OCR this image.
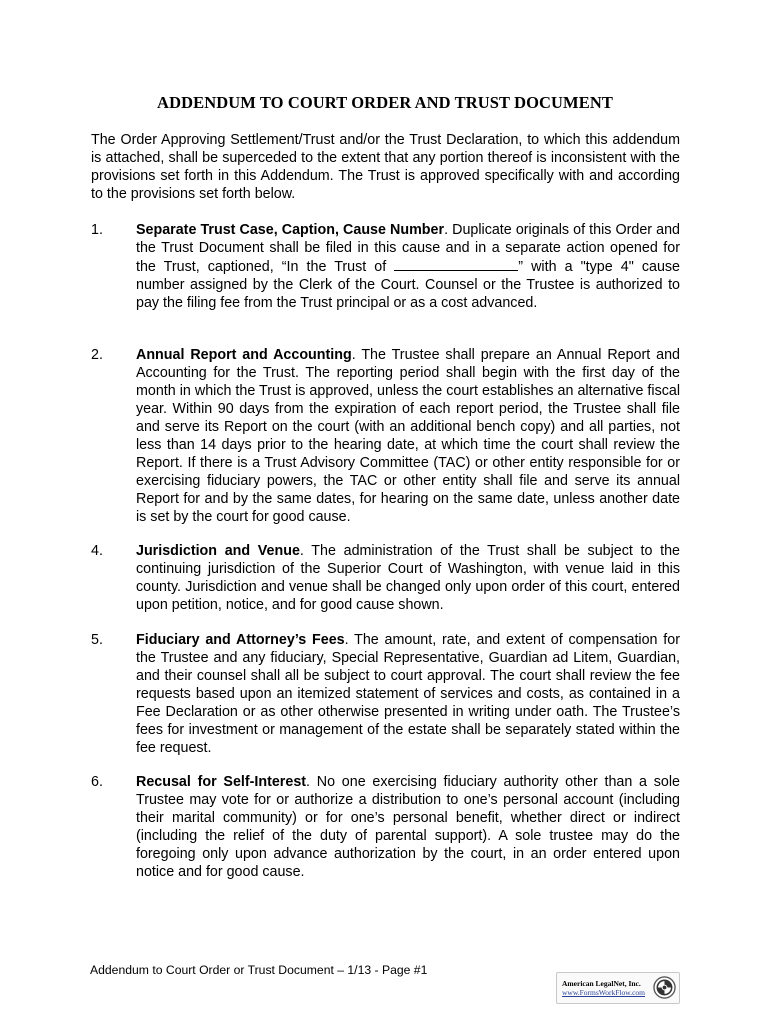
ADDENDUM TO COURT ORDER AND TRUST DOCUMENT

The Order Approving Settlement/Trust and/or the Trust Declaration, to which this addendum is attached, shall be superceded to the extent that any portion thereof is inconsistent with the provisions set forth in this Addendum. The Trust is approved specifically with and according to the provisions set forth below.

1. Separate Trust Case, Caption, Cause Number. Duplicate originals of this Order and the Trust Document shall be filed in this cause and in a separate action opened for the Trust, captioned, “In the Trust of	” with a "type 4" cause number assigned by the Clerk of the Court. Counsel or the Trustee is authorized to pay the filing fee from the Trust principal or as a cost advanced.
2. Annual Report and Accounting. The Trustee shall prepare an Annual Report and Accounting for the Trust. The reporting period shall begin with the first day of the month in which the Trust is approved, unless the court establishes an alternative fiscal year. Within 90 days from the expiration of each report period, the Trustee shall file and serve its Report on the court (with an additional bench copy) and all parties, not less than 14 days prior to the hearing date, at which time the court shall review the Report. If there is a Trust Advisory Committee (TAC) or other entity responsible for or exercising fiduciary powers, the TAC or other entity shall file and serve its annual Report for and by the same dates, for hearing on the same date, unless another date is set by the court for good cause.
4. Jurisdiction and Venue. The administration of the Trust shall be subject to the continuing jurisdiction of the Superior Court of Washington, with venue laid in this county. Jurisdiction and venue shall be changed only upon order of this court, entered upon petition, notice, and for good cause shown.
5. Fiduciary and Attorney’s Fees. The amount, rate, and extent of compensation for the Trustee and any fiduciary, Special Representative, Guardian ad Litem, Guardian, and their counsel shall all be subject to court approval. The court shall review the fee requests based upon an itemized statement of services and costs, as contained in a Fee Declaration or as other otherwise presented in writing under oath. The Trustee’s fees for investment or management of the estate shall be separately stated within the fee request.
6. Recusal for Self-Interest. No one exercising fiduciary authority other than a sole Trustee may vote for or authorize a distribution to one’s personal account (including their marital community) or for one’s personal benefit, whether direct or indirect (including the relief of the duty of parental support). A sole trustee may do the foregoing only upon advance authorization by the court, in an order entered upon notice and for good cause.
Addendum to Court Order or Trust Document – 1/13 - Page #1
American LegalNet, Inc.
www.FormsWorkFlow.com
